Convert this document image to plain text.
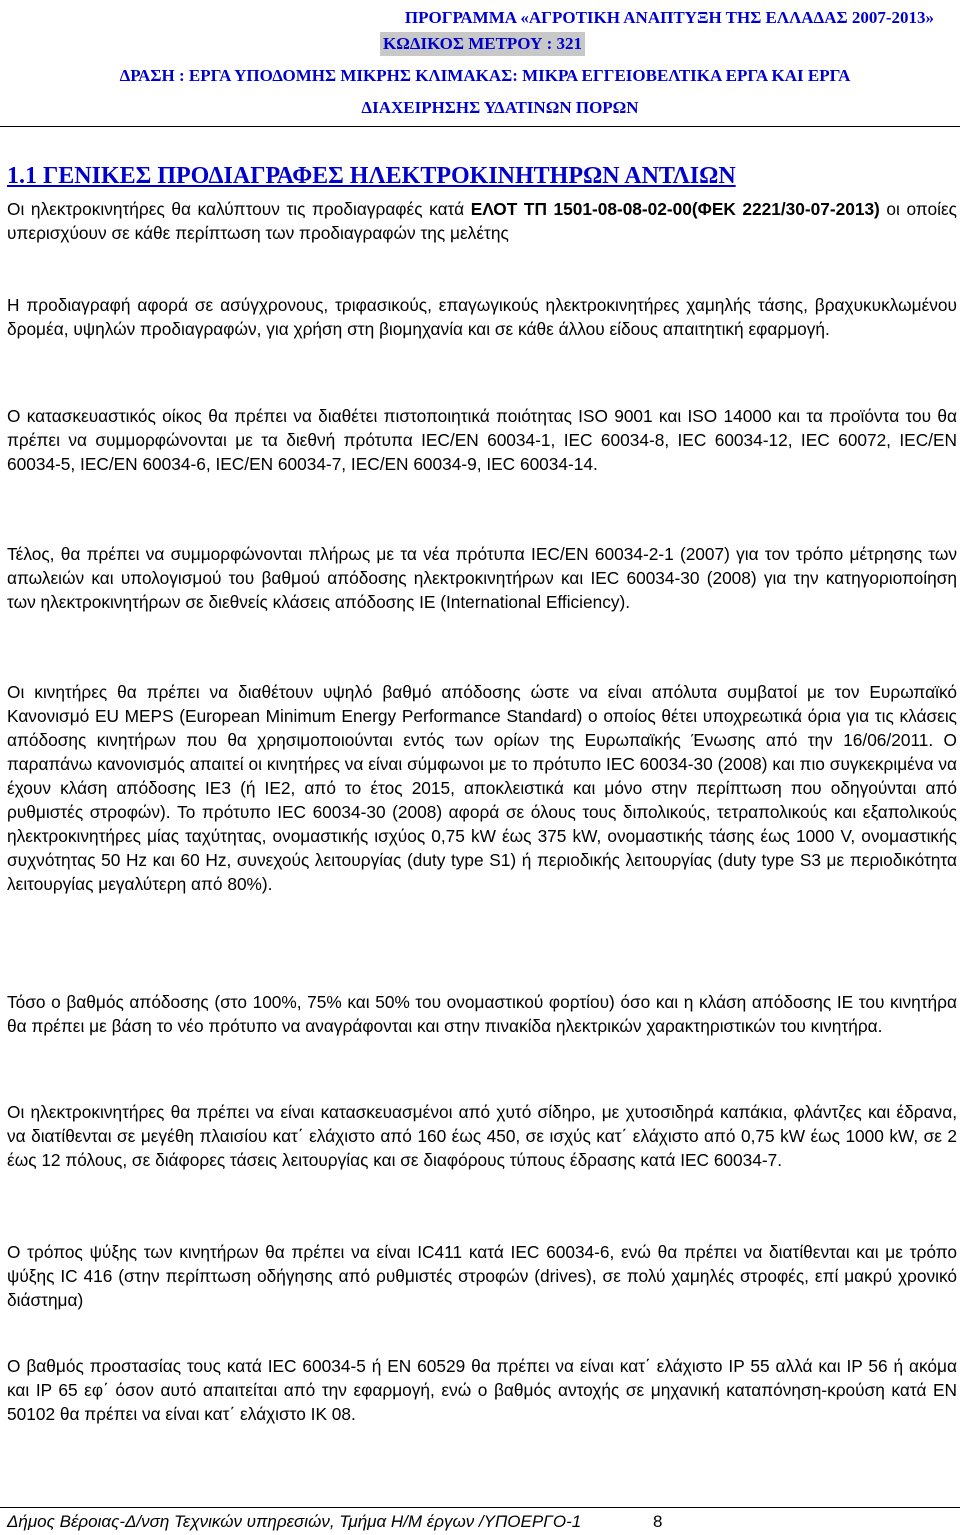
ΠΡΟΓΡΑΜΜΑ «ΑΓΡΟΤΙΚΗ ΑΝΑΠΤΥΞΗ ΤΗΣ ΕΛΛΑΔΑΣ 2007-2013»
ΚΩΔΙΚΟΣ ΜΕΤΡΟΥ : 321
ΔΡΑΣΗ : ΕΡΓΑ ΥΠΟΔΟΜΗΣ ΜΙΚΡΗΣ ΚΛΙΜΑΚΑΣ: ΜΙΚΡΑ ΕΓΓΕΙΟΒΕΛΤΙΚΑ ΕΡΓΑ ΚΑΙ ΕΡΓΑ
ΔΙΑΧΕΙΡΗΣΗΣ ΥΔΑΤΙΝΩΝ ΠΟΡΩΝ
1.1 ΓΕΝΙΚΕΣ ΠΡΟΔΙΑΓΡΑΦΕΣ ΗΛΕΚΤΡΟΚΙΝΗΤΗΡΩΝ ΑΝΤΛΙΩΝ
Οι ηλεκτροκινητήρες θα καλύπτουν τις προδιαγραφές κατά ΕΛΟΤ ΤΠ 1501-08-08-02-00(ΦΕΚ 2221/30-07-2013) οι οποίες υπερισχύουν σε κάθε περίπτωση των προδιαγραφών της μελέτης
Η προδιαγραφή αφορά σε ασύγχρονους, τριφασικούς, επαγωγικούς ηλεκτροκινητήρες χαμηλής τάσης, βραχυκυκλωμένου δρομέα, υψηλών προδιαγραφών, για χρήση στη βιομηχανία και σε κάθε άλλου είδους απαιτητική εφαρμογή.
Ο κατασκευαστικός οίκος θα πρέπει να διαθέτει πιστοποιητικά ποιότητας ISO 9001 και ISO 14000 και τα προϊόντα του θα πρέπει να συμμορφώνονται με τα διεθνή πρότυπα IEC/EN 60034-1, IEC 60034-8, IEC 60034-12, IEC 60072, IEC/EN 60034-5, IEC/EN 60034-6, IEC/EN 60034-7, IEC/EN 60034-9, IEC 60034-14.
Τέλος, θα πρέπει να συμμορφώνονται πλήρως με τα νέα πρότυπα IEC/EN 60034-2-1 (2007) για τον τρόπο μέτρησης των απωλειών και υπολογισμού του βαθμού απόδοσης ηλεκτροκινητήρων και IEC 60034-30 (2008) για την κατηγοριοποίηση των ηλεκτροκινητήρων σε διεθνείς κλάσεις απόδοσης IE (International Efficiency).
Οι κινητήρες θα πρέπει να διαθέτουν υψηλό βαθμό απόδοσης ώστε να είναι απόλυτα συμβατοί με τον Ευρωπαϊκό Κανονισμό EU MEPS (European Minimum Energy Performance Standard) ο οποίος θέτει υποχρεωτικά όρια για τις κλάσεις απόδοσης κινητήρων που θα χρησιμοποιούνται εντός των ορίων της Ευρωπαϊκής Ένωσης από την 16/06/2011. Ο παραπάνω κανονισμός απαιτεί οι κινητήρες να είναι σύμφωνοι με το πρότυπο IEC 60034-30 (2008) και πιο συγκεκριμένα να έχουν κλάση απόδοσης IE3 (ή IE2, από το έτος 2015, αποκλειστικά και μόνο στην περίπτωση που οδηγούνται από ρυθμιστές στροφών). Το πρότυπο IEC 60034-30 (2008) αφορά σε όλους τους διπολικούς, τετραπολικούς και εξαπολικούς ηλεκτροκινητήρες μίας ταχύτητας, ονομαστικής ισχύος 0,75 kW έως 375 kW, ονομαστικής τάσης έως 1000 V, ονομαστικής συχνότητας 50 Hz και 60 Hz, συνεχούς λειτουργίας (duty type S1) ή περιοδικής λειτουργίας (duty type S3 με περιοδικότητα λειτουργίας μεγαλύτερη από 80%).
Τόσο ο βαθμός απόδοσης (στο 100%, 75% και 50% του ονομαστικού φορτίου) όσο και η κλάση απόδοσης IE του κινητήρα θα πρέπει με βάση το νέο πρότυπο να αναγράφονται και στην πινακίδα ηλεκτρικών χαρακτηριστικών του κινητήρα.
Οι ηλεκτροκινητήρες θα πρέπει να είναι κατασκευασμένοι από χυτό σίδηρο, με χυτοσιδηρά καπάκια, φλάντζες και έδρανα, να διατίθενται σε μεγέθη πλαισίου κατ΄ ελάχιστο από 160 έως 450, σε ισχύς κατ΄ ελάχιστο από 0,75 kW έως 1000 kW, σε 2 έως 12 πόλους, σε διάφορες τάσεις λειτουργίας και σε διαφόρους τύπους έδρασης κατά IEC 60034-7.
Ο τρόπος ψύξης των κινητήρων θα πρέπει να είναι IC411 κατά IEC 60034-6, ενώ θα πρέπει να διατίθενται και με τρόπο ψύξης IC 416 (στην περίπτωση οδήγησης από ρυθμιστές στροφών (drives), σε πολύ χαμηλές στροφές, επί μακρύ χρονικό διάστημα)
Ο βαθμός προστασίας τους κατά IEC 60034-5 ή EN 60529 θα πρέπει να είναι κατ΄ ελάχιστο IP 55 αλλά και IP 56 ή ακόμα και IP 65 εφ΄ όσον αυτό απαιτείται από την εφαρμογή, ενώ ο βαθμός αντοχής σε μηχανική καταπόνηση-κρούση κατά EN 50102 θα πρέπει να είναι κατ΄ ελάχιστο IK 08.
Δήμος Βέροιας-Δ/νση Τεχνικών υπηρεσιών, Τμήμα Η/Μ έργων /ΥΠΟΕΡΓΟ-1	8
